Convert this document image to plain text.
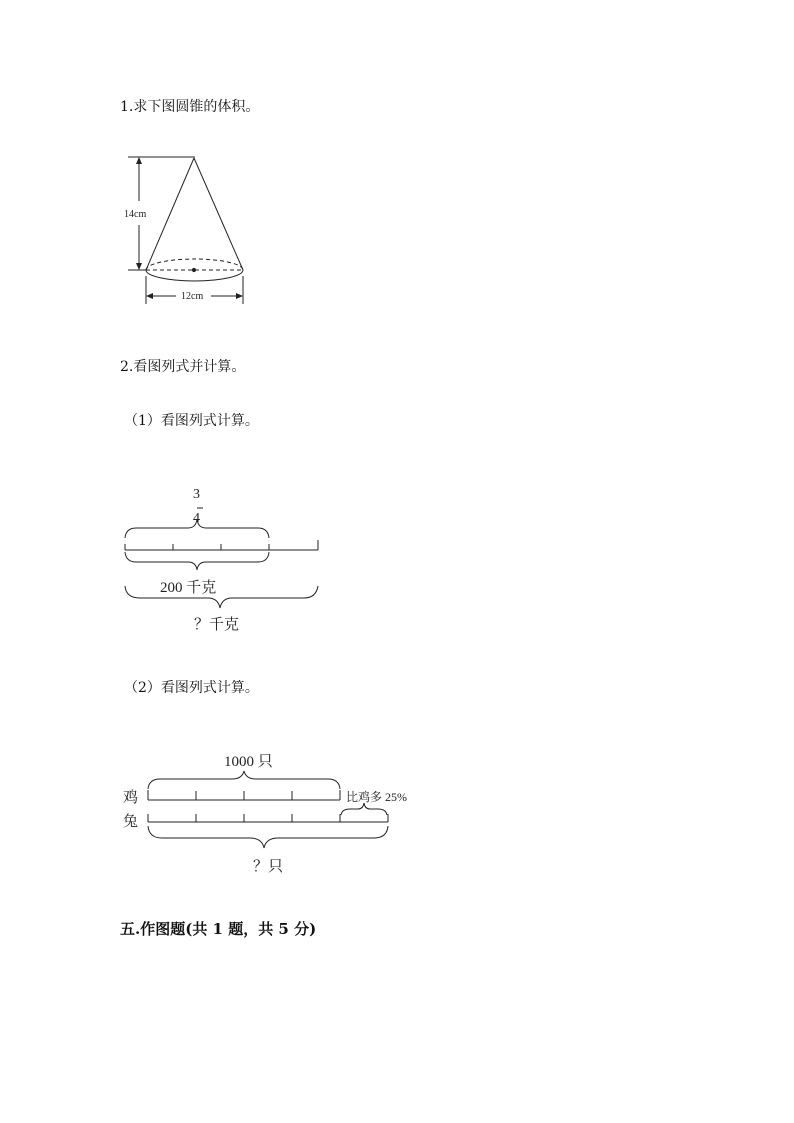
1.求下图圆锥的体积。
2.看图列式并计算。
（1）看图列式计算。
（2）看图列式计算。
五.作图题(共 1 题，共 5 分)
14cm
12cm
3
4
200 千克
？千克
1000 只
鸡
兔
比鸡多 25%
？只
